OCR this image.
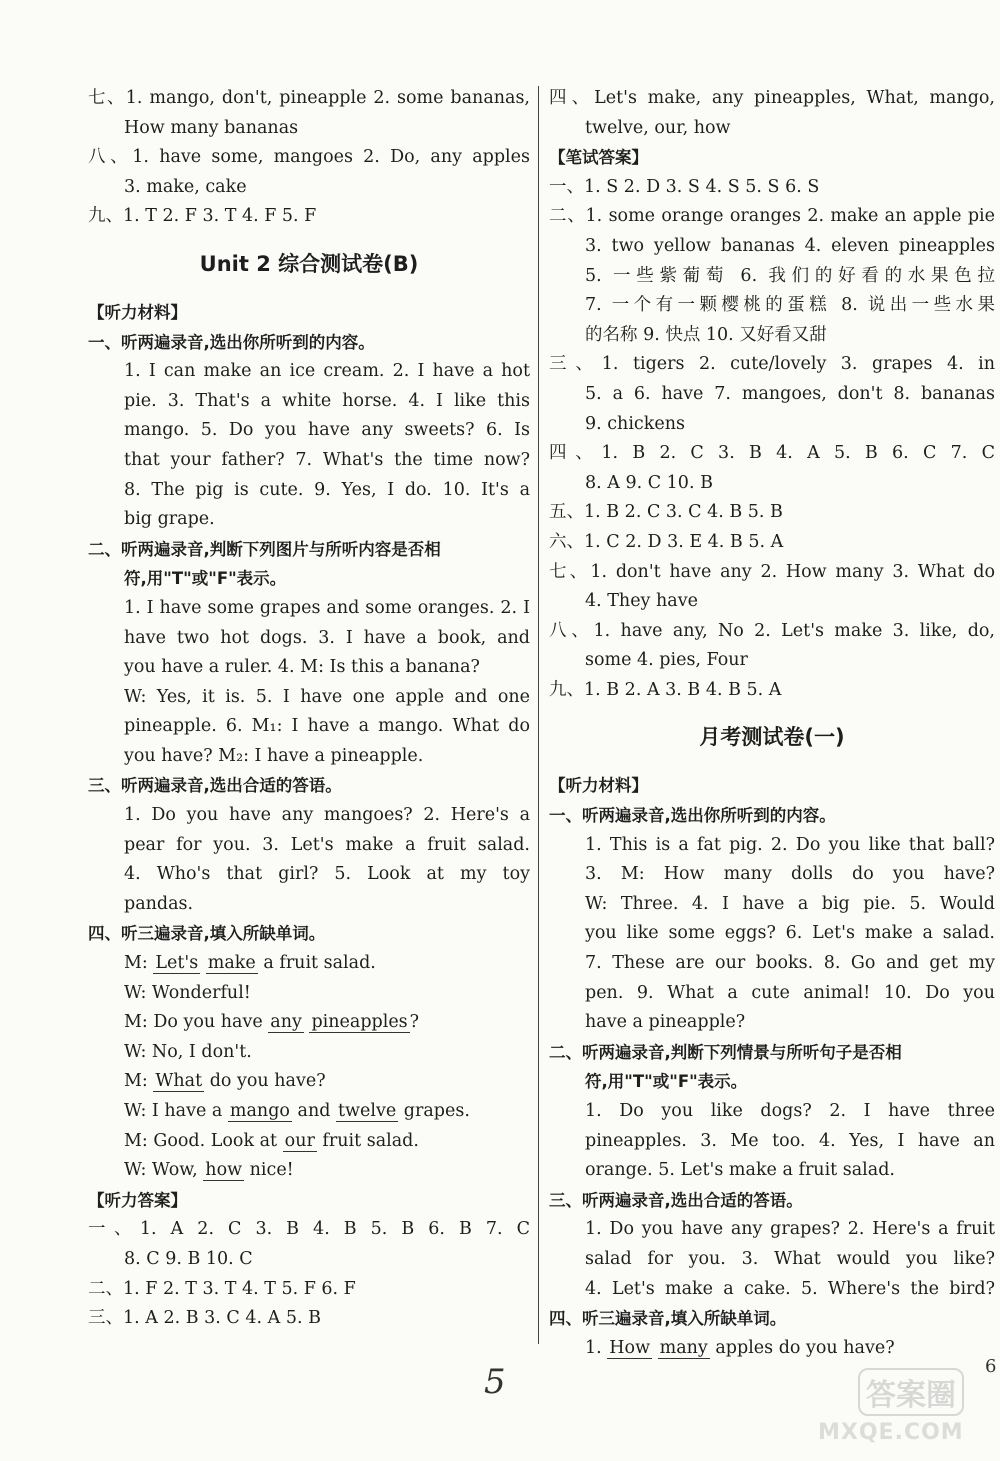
七、1. mango, don't, pineapple 2. some bananas,
How many bananas
八、1. have some, mangoes 2. Do, any apples
3. make, cake
九、1. T 2. F 3. T 4. F 5. F
Unit 2 综合测试卷(B)
【听力材料】
一、听两遍录音,选出你所听到的内容。
1. I can make an ice cream. 2. I have a hot
pie. 3. That's a white horse. 4. I like this
mango. 5. Do you have any sweets? 6. Is
that your father? 7. What's the time now?
8. The pig is cute. 9. Yes, I do. 10. It's a
big grape.
二、听两遍录音,判断下列图片与所听内容是否相
符,用"T"或"F"表示。
1. I have some grapes and some oranges. 2. I
have two hot dogs. 3. I have a book, and
you have a ruler. 4. M: Is this a banana?
W: Yes, it is. 5. I have one apple and one
pineapple. 6. M₁: I have a mango. What do
you have? M₂: I have a pineapple.
三、听两遍录音,选出合适的答语。
1. Do you have any mangoes? 2. Here's a
pear for you. 3. Let's make a fruit salad.
4. Who's that girl? 5. Look at my toy
pandas.
四、听三遍录音,填入所缺单词。
M: Let's make a fruit salad.
W: Wonderful!
M: Do you have any pineapples ?
W: No, I don't.
M: What do you have?
W: I have a mango and twelve grapes.
M: Good. Look at our fruit salad.
W: Wow, how nice!
【听力答案】
一、1. A 2. C 3. B 4. B 5. B 6. B 7. C
8. C 9. B 10. C
二、1. F 2. T 3. T 4. T 5. F 6. F
三、1. A 2. B 3. C 4. A 5. B
四、Let's make, any pineapples, What, mango,
twelve, our, how
【笔试答案】
一、1. S 2. D 3. S 4. S 5. S 6. S
二、1. some orange oranges 2. make an apple pie
3. two yellow bananas 4. eleven pineapples
5. 一些紫葡萄 6. 我们的好看的水果色拉
7. 一个有一颗樱桃的蛋糕 8. 说出一些水果
的名称 9. 快点 10. 又好看又甜
三、1. tigers 2. cute/lovely 3. grapes 4. in
5. a 6. have 7. mangoes, don't 8. bananas
9. chickens
四、1. B 2. C 3. B 4. A 5. B 6. C 7. C
8. A 9. C 10. B
五、1. B 2. C 3. C 4. B 5. B
六、1. C 2. D 3. E 4. B 5. A
七、1. don't have any 2. How many 3. What do
4. They have
八、1. have any, No 2. Let's make 3. like, do,
some 4. pies, Four
九、1. B 2. A 3. B 4. B 5. A
月考测试卷(一)
【听力材料】
一、听两遍录音,选出你所听到的内容。
1. This is a fat pig. 2. Do you like that ball?
3. M: How many dolls do you have?
W: Three. 4. I have a big pie. 5. Would
you like some eggs? 6. Let's make a salad.
7. These are our books. 8. Go and get my
pen. 9. What a cute animal! 10. Do you
have a pineapple?
二、听两遍录音,判断下列情景与所听句子是否相
符,用"T"或"F"表示。
1. Do you like dogs? 2. I have three
pineapples. 3. Me too. 4. Yes, I have an
orange. 5. Let's make a fruit salad.
三、听两遍录音,选出合适的答语。
1. Do you have any grapes? 2. Here's a fruit
salad for you. 3. What would you like?
4. Let's make a cake. 5. Where's the bird?
四、听三遍录音,填入所缺单词。
1. How many apples do you have?
5	6
答案圈
MXQE.COM
